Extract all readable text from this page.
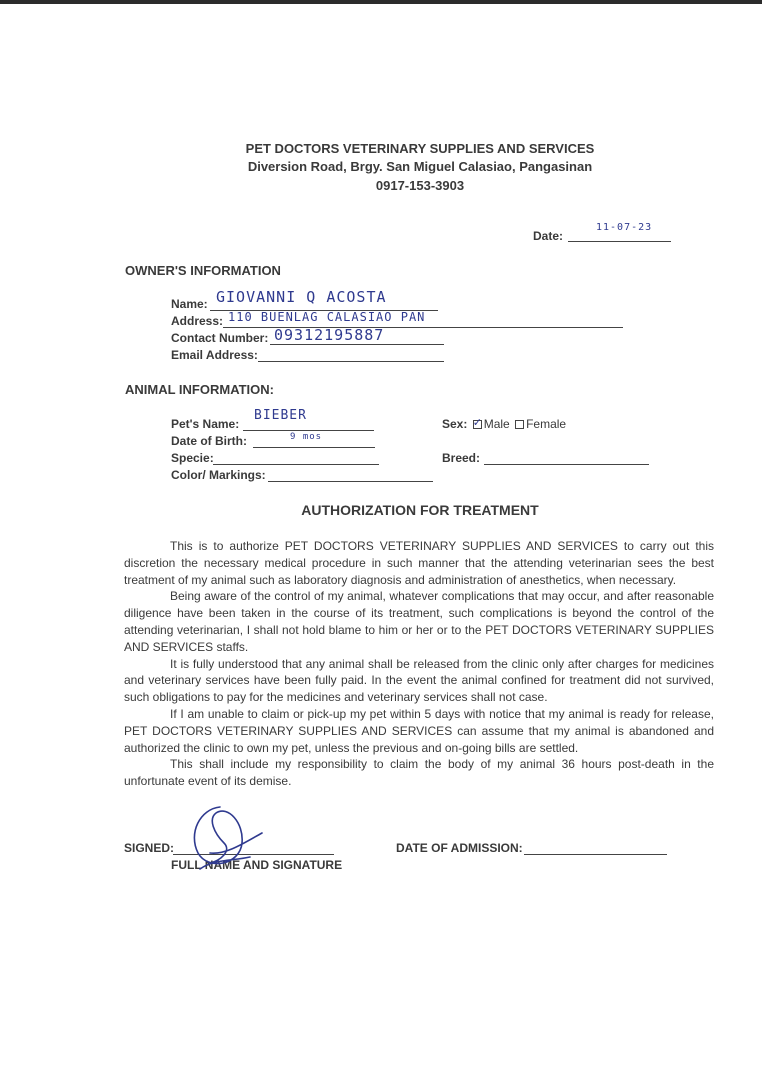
PET DOCTORS VETERINARY SUPPLIES AND SERVICES
Diversion Road, Brgy. San Miguel Calasiao, Pangasinan
0917-153-3903
Date:
11-07-23
OWNER'S INFORMATION
Name: GIOVANNI Q ACOSTA
Address: 110 BUENLAG CALASIAO PAN
Contact Number: 09312195887
Email Address:
ANIMAL INFORMATION:
Pet's Name:
BIEBER
Date of Birth:	9 mos
Specie:
Color/ Markings:
Sex: ✓ Male Female
Breed:
AUTHORIZATION FOR TREATMENT

This is to authorize PET DOCTORS VETERINARY SUPPLIES AND SERVICES to carry out this discretion the necessary medical procedure in such manner that the attending veterinarian sees the best treatment of my animal such as laboratory diagnosis and administration of anesthetics, when necessary.

Being aware of the control of my animal, whatever complications that may occur, and after reasonable diligence have been taken in the course of its treatment, such complications is beyond the control of the attending veterinarian, I shall not hold blame to him or her or to the PET DOCTORS VETERINARY SUPPLIES AND SERVICES staffs.

It is fully understood that any animal shall be released from the clinic only after charges for medicines and veterinary services have been fully paid. In the event the animal confined for treatment did not survived, such obligations to pay for the medicines and veterinary services shall not case.

If I am unable to claim or pick-up my pet within 5 days with notice that my animal is ready for release, PET DOCTORS VETERINARY SUPPLIES AND SERVICES can assume that my animal is abandoned and authorized the clinic to own my pet, unless the previous and on-going bills are settled.

This shall include my responsibility to claim the body of my animal 36 hours post-death in the unfortunate event of its demise.

SIGNED:
FULL NAME AND SIGNATURE
DATE OF ADMISSION:
